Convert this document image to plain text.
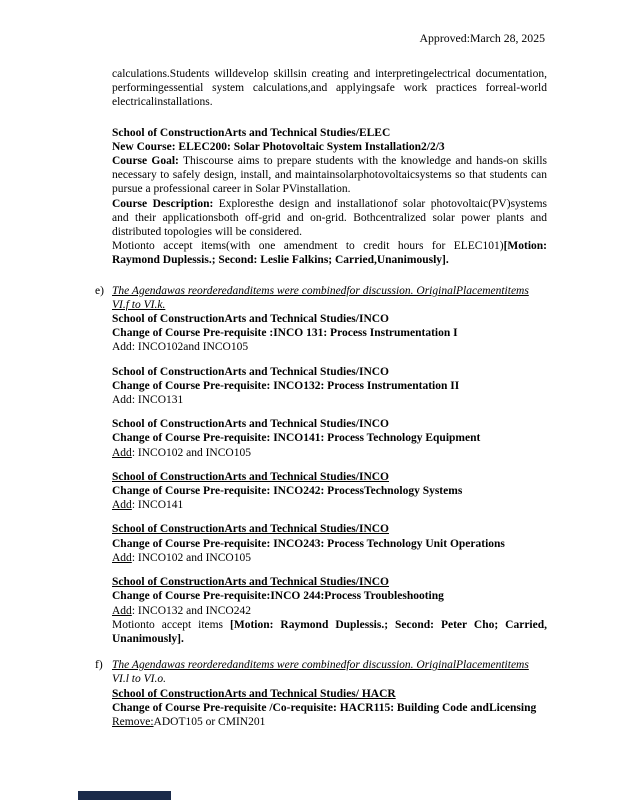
Approved:March 28, 2025

calculations.Students willdevelop skillsin creating and interpretingelectrical documentation, performingessential system calculations,and applyingsafe work practices forreal-world electricalinstallations.

School of ConstructionArts and Technical Studies/ELEC

New Course: ELEC200: Solar Photovoltaic System Installation2/2/3

Course Goal: Thiscourse aims to prepare students with the knowledge and hands-on skills necessary to safely design, install, and maintainsolarphotovoltaicsystems so that students can pursue a professional career in Solar PVinstallation.

Course Description: Exploresthe design and installationof solar photovoltaic(PV)systems and their applicationsboth off-grid and on-grid. Bothcentralized solar power plants and distributed topologies will be considered.

Motionto accept items(with one amendment to credit hours for ELEC101)[Motion: Raymond Duplessis.; Second: Leslie Falkins; Carried,Unanimously].

e) The Agendawas reorderedanditems were combinedfor discussion. OriginalPlacementitems

VI.f to VI.k.

School of ConstructionArts and Technical Studies/INCO

Change of Course Pre-requisite :INCO 131: Process Instrumentation I

Add: INCO102and INCO105

School of ConstructionArts and Technical Studies/INCO

Change of Course Pre-requisite: INCO132: Process Instrumentation II

Add: INCO131

School of ConstructionArts and Technical Studies/INCO

Change of Course Pre-requisite: INCO141: Process Technology Equipment

Add: INCO102 and INCO105

School of ConstructionArts and Technical Studies/INCO

Change of Course Pre-requisite: INCO242: ProcessTechnology Systems

Add: INCO141

School of ConstructionArts and Technical Studies/INCO

Change of Course Pre-requisite: INCO243: Process Technology Unit Operations

Add: INCO102 and INCO105

School of ConstructionArts and Technical Studies/INCO

Change of Course Pre-requisite:INCO 244:Process Troubleshooting

Add: INCO132 and INCO242

Motionto accept items [Motion: Raymond Duplessis.; Second: Peter Cho; Carried, Unanimously].

f) The Agendawas reorderedanditems were combinedfor discussion. OriginalPlacementitems

VI.l to VI.o.

School of ConstructionArts and Technical Studies/ HACR

Change of Course Pre-requisite /Co-requisite: HACR115: Building Code andLicensing

Remove:ADOT105 or CMIN201
